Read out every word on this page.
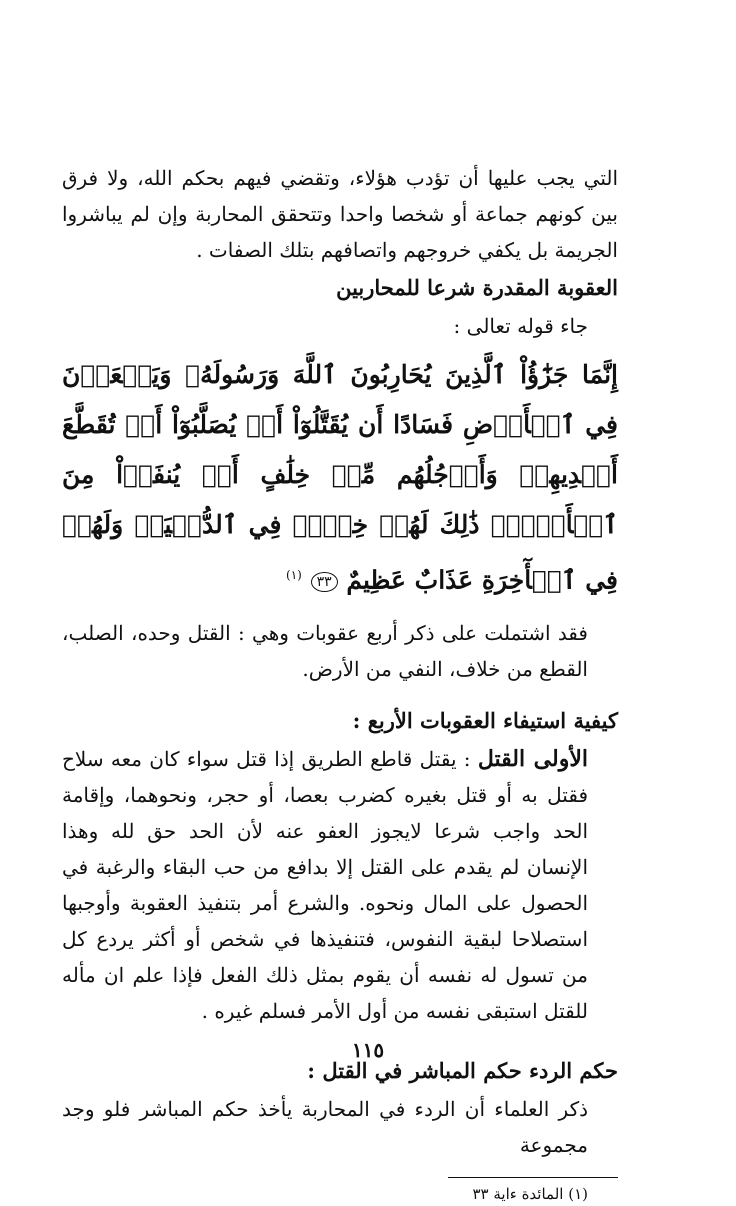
التي يجب عليها أن تؤدب هؤلاء، وتقضي فيهم بحكم الله، ولا فرق بين كونهم جماعة أو شخصا واحدا وتتحقق المحاربة وإن لم يباشروا الجريمة بل يكفي خروجهم واتصافهم بتلك الصفات .

العقوبة المقدرة شرعا للمحاربين

جاء قوله تعالى :

إِنَّمَا جَزَٰٓؤُاْ ٱلَّذِينَ يُحَارِبُونَ ٱللَّهَ وَرَسُولَهُۥ وَيَسۡعَوۡنَ فِي ٱلۡأَرۡضِ فَسَادًا أَن يُقَتَّلُوٓاْ أَوۡ يُصَلَّبُوٓاْ أَوۡ تُقَطَّعَ أَيۡدِيهِمۡ وَأَرۡجُلُهُم مِّنۡ خِلَٰفٍ أَوۡ يُنفَوۡاْ مِنَ ٱلۡأَرۡضِۚ ذَٰلِكَ لَهُمۡ خِزۡيٞ فِي ٱلدُّنۡيَاۖ وَلَهُمۡ فِي ٱلۡأٓخِرَةِ عَذَابٌ عَظِيمٌ ٣٣ $^{(١)}$

فقد اشتملت على ذكر أربع عقوبات وهي : القتل وحده، الصلب، القطع من خلاف، النفي من الأرض.

كيفية استيفاء العقوبات الأربع :

الأولى القتل : يقتل قاطع الطريق إذا قتل سواء كان معه سلاح فقتل به أو قتل بغيره كضرب بعصا، أو حجر، ونحوهما، وإقامة الحد واجب شرعا لايجوز العفو عنه لأن الحد حق لله وهذا الإنسان لم يقدم على القتل إلا بدافع من حب البقاء والرغبة في الحصول على المال ونحوه. والشرع أمر بتنفيذ العقوبة وأوجبها استصلاحا لبقية النفوس، فتنفيذها في شخص أو أكثر يردع كل من تسول له نفسه أن يقوم بمثل ذلك الفعل فإذا علم ان مأله للقتل استبقى نفسه من أول الأمر فسلم غيره .

حكم الردء حكم المباشر في القتل :

ذكر العلماء أن الردء في المحاربة يأخذ حكم المباشر فلو وجد مجموعة

(١) المائدة ءاية ٣٣

١١٥
